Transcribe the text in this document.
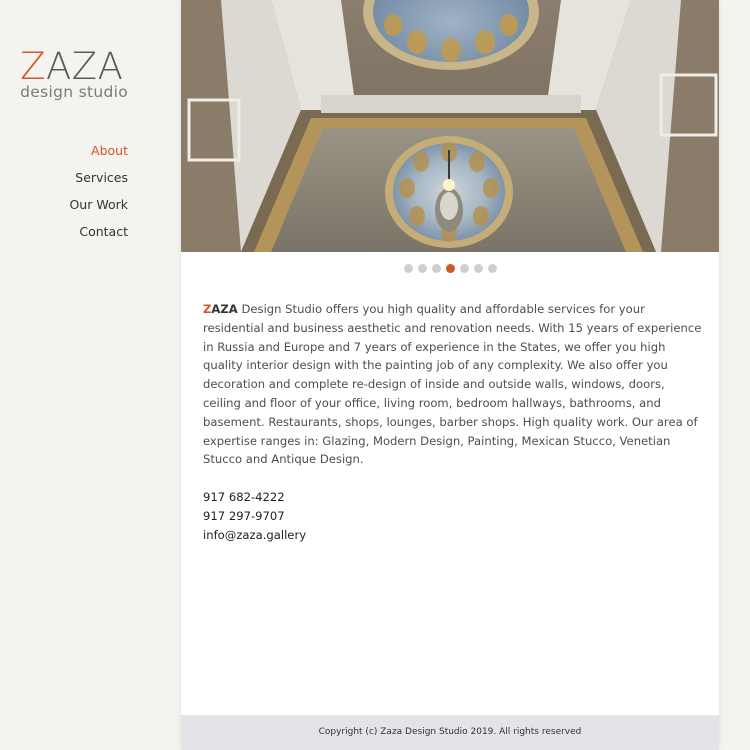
ZAZA
design studio
About
Services
Our Work
Contact

ZAZA Design Studio offers you high quality and affordable services for your residential and business aesthetic and renovation needs. With 15 years of experience in Russia and Europe and 7 years of experience in the States, we offer you high quality interior design with the painting job of any complexity. We also offer you decoration and complete re-design of inside and outside walls, windows, doors, ceiling and floor of your office, living room, bedroom hallways, bathrooms, and basement. Restaurants, shops, lounges, barber shops. High quality work. Our area of expertise ranges in: Glazing, Modern Design, Painting, Mexican Stucco, Venetian Stucco and Antique Design.

917 682-4222
917 297-9707
info@zaza.gallery
Copyright (c) Zaza Design Studio 2019. All rights reserved
